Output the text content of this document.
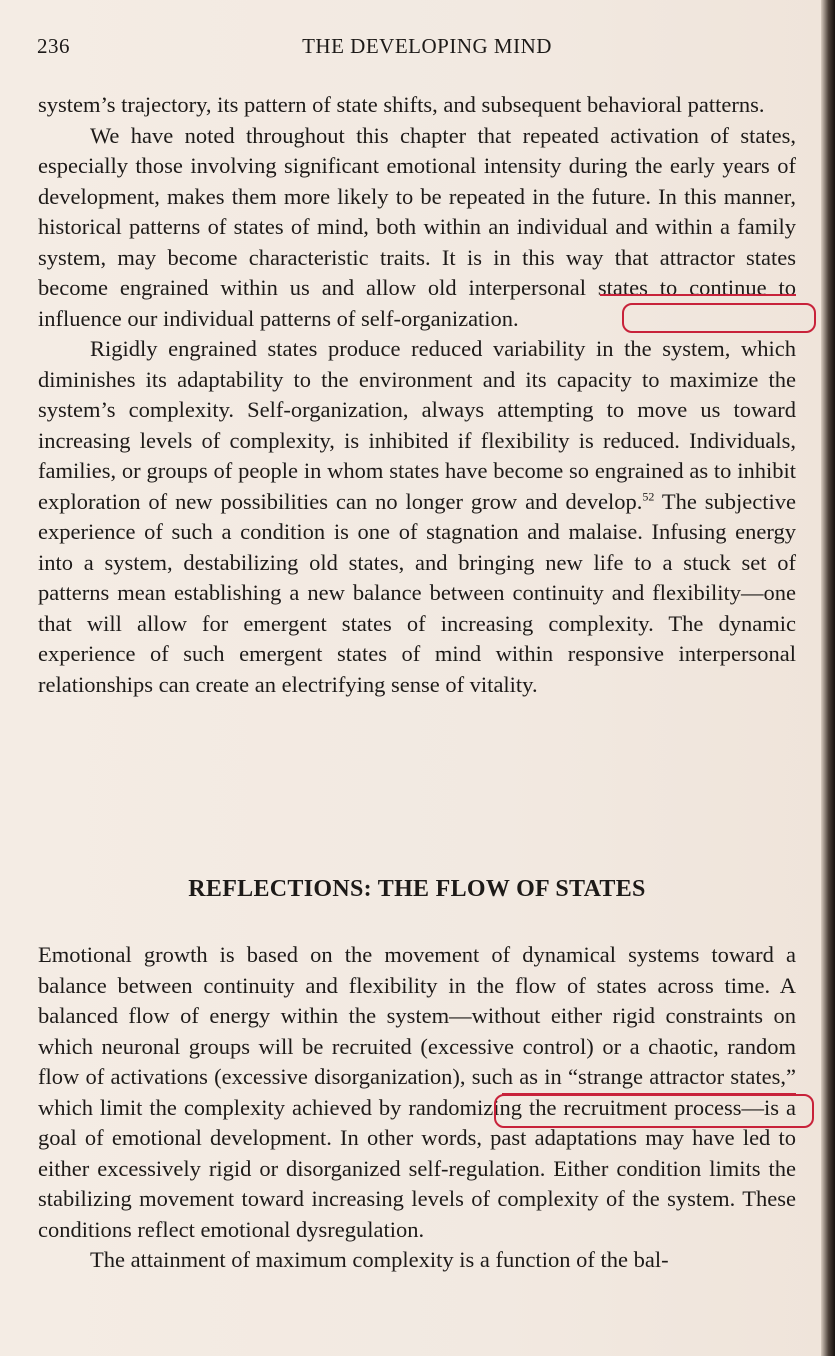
236	THE DEVELOPING MIND

system’s trajectory, its pattern of state shifts, and subsequent behavioral patterns.

We have noted throughout this chapter that repeated activation of states, especially those involving significant emotional intensity during the early years of development, makes them more likely to be repeated in the future. In this manner, historical patterns of states of mind, both within an individual and within a family system, may become characteristic traits. It is in this way that attractor states become engrained within us and allow old interpersonal states to continue to influence our individual patterns of self-organization.

Rigidly engrained states produce reduced variability in the system, which diminishes its adaptability to the environment and its capacity to maximize the system’s complexity. Self-organization, always attempting to move us toward increasing levels of complexity, is inhibited if flexibility is reduced. Individuals, families, or groups of people in whom states have become so engrained as to inhibit exploration of new possibilities can no longer grow and develop.$^{52}$ The subjective experience of such a condition is one of stagnation and malaise. Infusing energy into a system, destabilizing old states, and bringing new life to a stuck set of patterns mean establishing a new balance between continuity and flexibility—one that will allow for emergent states of increasing complexity. The dynamic experience of such emergent states of mind within responsive interpersonal relationships can create an electrifying sense of vitality.

REFLECTIONS: THE FLOW OF STATES

Emotional growth is based on the movement of dynamical systems toward a balance between continuity and flexibility in the flow of states across time. A balanced flow of energy within the system—without either rigid constraints on which neuronal groups will be recruited (excessive control) or a chaotic, random flow of activations (excessive disorganization), such as in “strange attractor states,” which limit the complexity achieved by randomizing the recruitment process—is a goal of emotional development. In other words, past adaptations may have led to either excessively rigid or disorganized self-regulation. Either condition limits the stabilizing movement toward increasing levels of complexity of the system. These conditions reflect emotional dysregulation.

The attainment of maximum complexity is a function of the bal-
